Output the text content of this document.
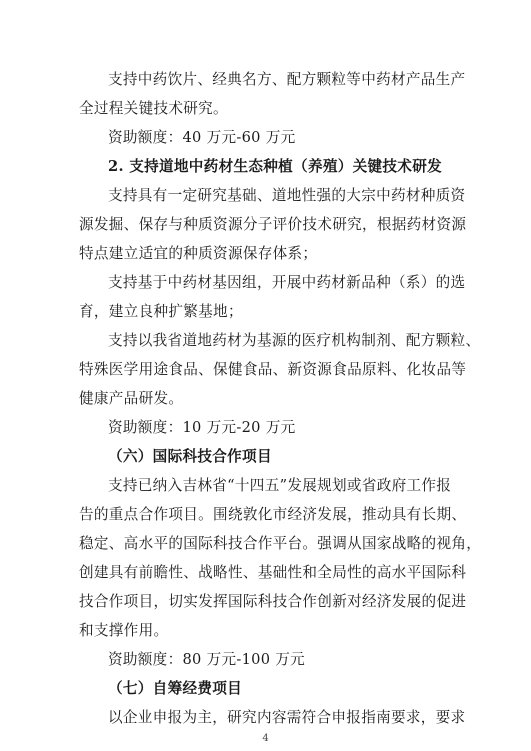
支持中药饮片、经典名方、配方颗粒等中药材产品生产
全过程关键技术研究。
资助额度：40 万元-60 万元
2. 支持道地中药材生态种植（养殖）关键技术研发
支持具有一定研究基础、道地性强的大宗中药材种质资
源发掘、保存与种质资源分子评价技术研究，根据药材资源
特点建立适宜的种质资源保存体系；
支持基于中药材基因组，开展中药材新品种（系）的选
育，建立良种扩繁基地；
支持以我省道地药材为基源的医疗机构制剂、配方颗粒、
特殊医学用途食品、保健食品、新资源食品原料、化妆品等
健康产品研发。
资助额度：10 万元-20 万元
（六）国际科技合作项目
支持已纳入吉林省“十四五”发展规划或省政府工作报
告的重点合作项目。围绕敦化市经济发展，推动具有长期、
稳定、高水平的国际科技合作平台。强调从国家战略的视角，
创建具有前瞻性、战略性、基础性和全局性的高水平国际科
技合作项目，切实发挥国际科技合作创新对经济发展的促进
和支撑作用。
资助额度：80 万元-100 万元
（七）自筹经费项目
以企业申报为主，研究内容需符合申报指南要求，要求
4
